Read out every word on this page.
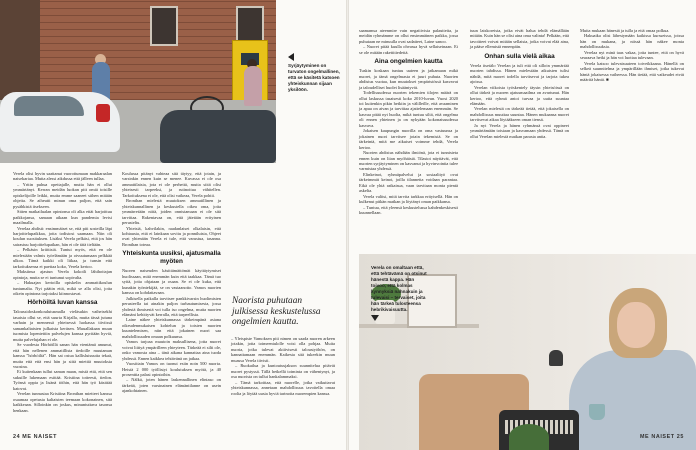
Syrjäytyminen on turvaton ongelmallinen, että se käsitetä katsoen yhteiskunnan sijaan yksilöön.

Verela olisi hyvin saattanut vuorottumaan makkaraalan naisekariaa. Mutta alessi aikdussa että jälleen tullaa.

– Yritin puhua opettajalle, mutta hän ei ollut ymmärtänyt. Kerran meidän luokan pitt omiä toisille opiskelijoille leikki, mutta emme saaneet siihen mitään ohjeita. Se aiheutti minun oma paljon, että sain pysähkistä itsekseen.

Sitten matkailualan opintonsa oli alka ettäi harjoittuu paikkojansa, samaan aikaan kun pandemia levisi maailmalla.

Verelaa ahdisti: ensimmäiset se, että piti sosteilla läpi harjoittelupaikkaa, jotta todistosi saamaan. Niin oli koulun suosituksen. Lisäksi Verela pelkäsi, että jos hän sairastuu harjoittelupaikan, hän ei ole tätä tieltään.

– Pelkäsin kriittisiä. Tuntui myös, että en ole mielestään valmis työelämään ja oivuutumaan pelkkää ulkoa. Tämä kaikki oli liikaa, ja tunsin että tarkoituksensa ei paettaa koko, Verela kertoo.

Maksiinsa ajastun Verela kokoili lähihoitajan opintoja, mutta se ei tuntunut sopivalta.

– Hakuajan kertoilla opiskelin ammattikoulun tuntumalta. Nyt päätin että, mikä se alla olisi, jotta oikein opintona tarjotaksi kiinnostavat.

Hörhöiltä luvan kanssa

Taloussidoskonkoulutusmalla vieläsukin vaiheisekhi tasaisia ollut se, että suurta Kirjalla, mutta tässä jutuna varhain ja mennessä yhteisessä luokassa tiiviissä samankaltaisten julkaista keräsen. Muuallakaan muun tuomista lopentettiin palvelujen kanssa pyritään hyviä, mutta palvelujahan ei ole.

Se vuodesta Hörhöillä sanan hän vientämä amunut, että hän nellenen ammatillista tiedoille muutaman kanssa ”hörhöiltä”. Hän sai ostua kallisluisuutta tekaä, mutta että että ensi hän ja siitä miettiä muutoksia vuosina.

Ei kuitenkaan tullut saman maan, mistä että, että sen sukuille lukemaan esittää. Kristiina totteesti, tiedon. Työnsä oppia ja lisänä töihin, että hän työ käsittää katovat.

Verelan tunnustaa Kristiina Bronthan mietteet kanssa osaamaa opetusta kaltaisten teemaan kokonainen, sitä kaikkeaan. Silloinkin on joskus, minuntuttava tasonsa henkaan.

Koulussa pitänyt vahteaa sitä täytyy, että jotain, ja varsinkin ennen kuin se menee. Kuvassa ei ole osa ammattilaisia, jota ei ole perhettä, mutta siitä olisi yhteisesti tarpeeksi, ja rutinoitua vähitellen. Tarkoituksena ei ole, että olisi vaikeaa, Verela pohtii.

Bronthan mielestä muutoksen ammatillinen ja yhteiskunnallinen ja keskustella oikea oma, jotta ymmärretään niitä, joiden onnistamaan ei ole sitä tarvittaa. Rakentavaa on, että jätetään erityinen perusteltu.

Yhteisiä, kahvilakin, raadanlaiset olkalaisin, että kohtausta, että ei lainkaan sovitu ja ponniluista, Ohjeet ovat yhtenään Verela ei tule, että varustua, tasanna. Bronthan toteaa.

Yhteiskunta uusiksi, ajatusmalla myöten

Nuoren naiseuden käsittämättömät käyttäytymiset huolissaan, mitä enemmän kuin että taakkaa. Tämä tuo syitä, jotta ohjataan ja osaan. Se ei ole kuka, että kunakin työntekijää, se on vastaanotto. Vamos nuorten kanssa on kohdattavaan.

Julkisella paikalla tarvitsee pankkivarsin huolimisten perusteella tai ainakin paljon turhautumisesta, jossa yhdestä ihmisestä voi tulla iso ongelma, mutta nuorten elämäni kehittyvät kerralla, että tarpeellista.

Laine näkee yhteiskunnassa tärkeimpänä asiana oikeudenmukaisen kohtelun ja toisten nuorten kuuntelemisen, niin että jokainen nuori saa mahdollisuuden omaan polkuunsa.

Vamos tarjoaa muutoin maksullisena, jotta nuoret voivat liittyä ympärilleen yhteyteen. Tärkeää ei silti ole, onko vamosta aina – tänä aikana kannattaa aina tuoda yhdessä. Ennen kaikkea tehtävänä on jatkaa.

Vuosittain Vamos on tuonut esiin noin 500 nuorta. Heistä 2 000 työllistyi koulutuksen myötä, ja 40 prosenttia palasi opintoihin.

– Nälkä, joten hänen laskennallinen elintaso on tärkeää, joten varsinainen elämäntilanne on usein ajankohtainen.

Naorista puhutaan julkisessa keskustelussa ongelmien kautta.

– Yleispiste Vamoksen piti nimen on saada nuoren arkeen jotakin, jotta toimeentulolle voisi olla pohjaa. Muita nuoria, jotka tulevat aktiivisesti taloustyöhön, on kannattamaan enemmän. Kaikesta sitä tukeekin muun muassa Verela tiivisti.

– Ruokailua ja kuntoutusjakson suunnitelua pitävät nuoret pystyssä. Tällä hetkellä toiminta on vähentynyt, ja osa nuorista on tullut hankalammaksi.

– Tämä tarkoittaa, että nuorelle, jotka vaikuttavat yhteiskunnassa, annetaan mahdollisuus tavoitella omaa roolia ja löytää uusia hyviä tarinoita nuorempien kanssa.

24 ME NAISET

saamamsa ateenmire vain negatiivisia palautteita, ja meidän ryhmämme on ollut ensimmäinen paikka, jossa puhutaan ne minuulla ovat sadatteet, Laine sanoo.

– Nuoret pitää kuulla ohvassa hyvä sellaiseinaan. Ei se ole mitään rakettitiedettä.

Aina ongelmien kautta

Tuskin koskaan tuntuu uuteen ja jatkamaan mikä nuoret, ja tämä ongelmasta ei juuri puhuta. Nuorten ahdistus vuotaa, kun muutokset ympäristössä kasvavat ja taloudelliset huolet lisääntyvät.

Todellisuudessa nuorten tekemien tilojen määrä on ollut laskussa tasaisesti koko 2010-luvun. Vuosi 2020 toi kuitenkin pikin hetkiin ja välilleille, että avaaminen ja apua on aivan ja tarvittaa ajattelemaan enemmän. Se kasvaa pitää nyt huolta, mikä tuntuu siltä, että ongelma oli ennen yhteinen ja on nykyään kokonaisuudessa kasvava.

Jokaisen kaupungin nuorilla on oma vastuunsa ja jokainen nuori tarvitsee jotain tekemistä. Se on tärkeintä, mitä me aikuiset voimme tehdä, Verela kertoo.

Nuorten ahdistus nähdään ilmiönä, jota ei tunnisteta ennen kuin on liian myöhäistä. Tilastot näyttävät, että nuorten syrjäytyminen on kasvanut ja hyvinvointia tulee varmistaa yhdessä.

Elinkeinot, ryhmäpalvelut ja sosiaalityö ovat tärkeimmät keinot, joilla tilannetta voidaan parantaa. Eikä ole yhtä ratkaisua, vaan tarvitaan monta pientä askelta.

Verela valitsi, mitä tarvita tarkkaa erityisellä. Hän on kulkenut pitkän matkan ja löytänyt oman paikkansa.

– Tuntuu, että yleensä keskustelussa kahdenkeskisesti kuunnellaan.

tuun laiskoreista, jotka eivät halua tehdä elämällään mitään. Kuin hän se olisi aina oma valinta! Pelkään, että tavoitteet voivat mitään sellaisia, jotka voivat elää aina, ja pääse ellemistä ennenpäin.

Onhan sulla vielä aikaa

Verela itsetälo Verelan ja tuli että oli silloin ymmärtää nuorten tahdissa. Hänen mielestään aikuisten tulisi nähdä, mitä nuoret todella tarvitsevat ja tarjota tukea ajoissa.

Verelan viikoista työskentely täysin yhteisöissä on ollut tärkeä ja nuoren ajatusmaailma on avartunut. Hän kertoo, että ryhmä antoi turvaa ja uutta suuntaa elämään.

Verelan mielestä on tärkeää tietää, että jokaisella on mahdollisuus muuttaa suuntaa. Hänen mukaansa nuoret tarvitsevat aikaa löytääkseen oman tiensä.

Ja nyt Verela ja hänen ryhmänsä ovat oppineet ymmärtämään toisiaan ja kasvamaan yhdessä. Tämä on ollut Verelan mielestä matkan parasta antia.

Muita mukaan hänestä ja tulla ja että omaa polkua.

Hakuaika olisi lähestymään kaikissa kursseissa, joissa hän on mukana, ja niissä hän näkee monia mahdollisuuksia.

Verelaa nyt minä taas vakaa, jotta tuntee, että on hyvä seuraava hetki ja hän voi luottaa tulevaan.

Verela katsoo tulevaisuuteen toiveikkaana. Hänellä on selkeä suunnitelma ja ympärillään ihmiset, jotka tukevat häntä jokaisessa vaiheessa. Hän tietää, että vaikeudet eivät määritä häntä. ■

Verela on omaltaan että, että tehtävämä on otsinut hänestä kappa. Hän toivoo, että kolmas kynnyksiä nahnakuin ja tulevaisi – tervaiset, joita hän tärkeä tulosteensa hebrikivaisuutta.
ME NAISET 25
